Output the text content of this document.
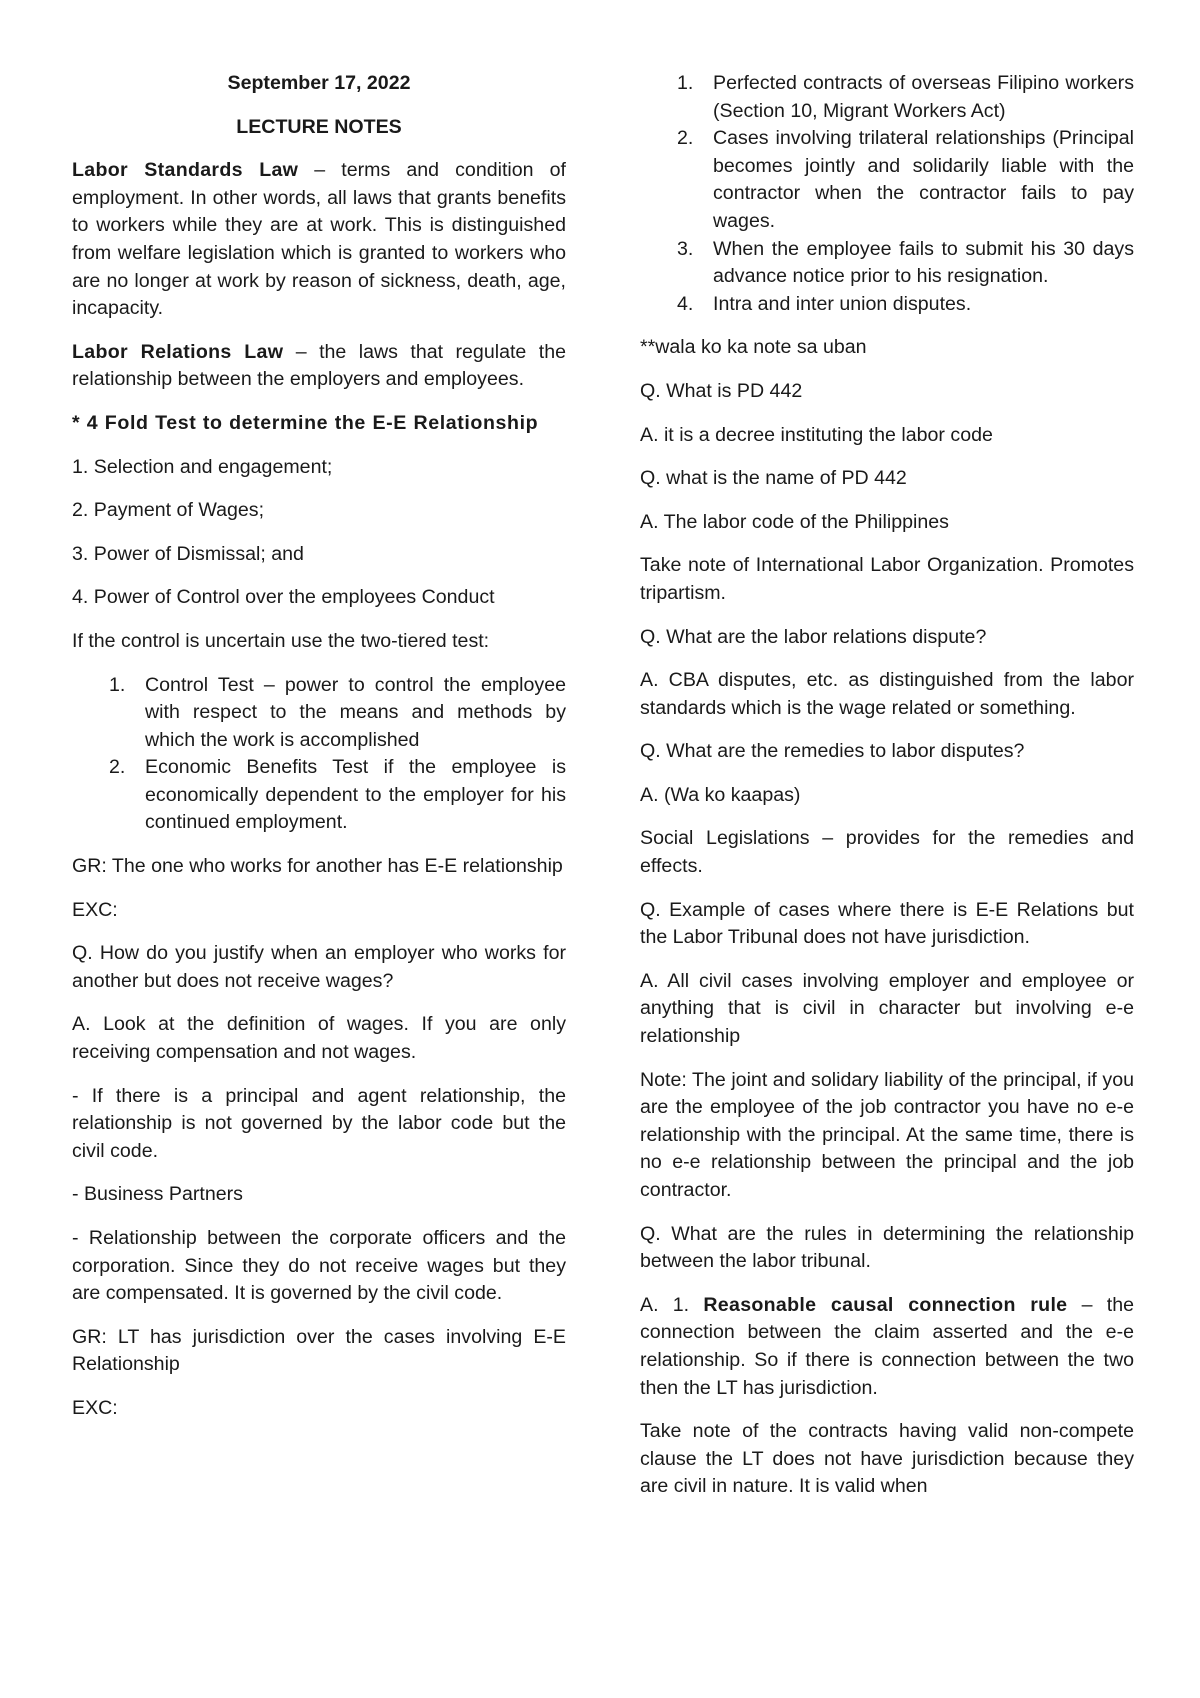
September 17, 2022

LECTURE NOTES

Labor Standards Law – terms and condition of employment. In other words, all laws that grants benefits to workers while they are at work. This is distinguished from welfare legislation which is granted to workers who are no longer at work by reason of sickness, death, age, incapacity.

Labor Relations Law – the laws that regulate the relationship between the employers and employees.

* 4 Fold Test to determine the E-E Relationship

1. Selection and engagement;

2. Payment of Wages;

3. Power of Dismissal; and

4. Power of Control over the employees Conduct

If the control is uncertain use the two-tiered test:

1. Control Test – power to control the employee with respect to the means and methods by which the work is accomplished
2. Economic Benefits Test if the employee is economically dependent to the employer for his continued employment.

GR: The one who works for another has E-E relationship

EXC:

Q. How do you justify when an employer who works for another but does not receive wages?

A. Look at the definition of wages. If you are only receiving compensation and not wages.

- If there is a principal and agent relationship, the relationship is not governed by the labor code but the civil code.

- Business Partners

- Relationship between the corporate officers and the corporation. Since they do not receive wages but they are compensated. It is governed by the civil code.

GR: LT has jurisdiction over the cases involving E-E Relationship

EXC:

1. Perfected contracts of overseas Filipino workers (Section 10, Migrant Workers Act)
2. Cases involving trilateral relationships (Principal becomes jointly and solidarily liable with the contractor when the contractor fails to pay wages.
3. When the employee fails to submit his 30 days advance notice prior to his resignation.
4. Intra and inter union disputes.

**wala ko ka note sa uban

Q. What is PD 442

A. it is a decree instituting the labor code

Q. what is the name of PD 442

A. The labor code of the Philippines

Take note of International Labor Organization. Promotes tripartism.

Q. What are the labor relations dispute?

A. CBA disputes, etc. as distinguished from the labor standards which is the wage related or something.

Q. What are the remedies to labor disputes?

A. (Wa ko kaapas)

Social Legislations – provides for the remedies and effects.

Q. Example of cases where there is E-E Relations but the Labor Tribunal does not have jurisdiction.

A. All civil cases involving employer and employee or anything that is civil in character but involving e-e relationship

Note: The joint and solidary liability of the principal, if you are the employee of the job contractor you have no e-e relationship with the principal. At the same time, there is no e-e relationship between the principal and the job contractor.

Q. What are the rules in determining the relationship between the labor tribunal.

A. 1. Reasonable causal connection rule – the connection between the claim asserted and the e-e relationship. So if there is connection between the two then the LT has jurisdiction.

Take note of the contracts having valid non-compete clause the LT does not have jurisdiction because they are civil in nature. It is valid when
